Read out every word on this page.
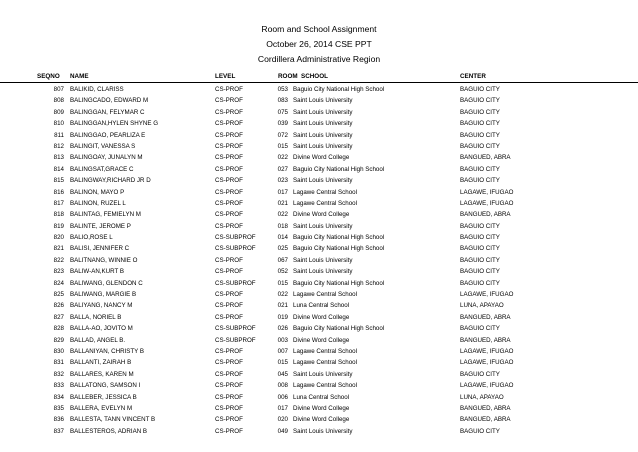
Room and School Assignment
October 26, 2014 CSE PPT
Cordillera Administrative Region
SEQNO NAME	LEVEL	ROOM SCHOOL	CENTER
807 BALIKID, CLARISS	CS-PROF	053 Baguio City National High School	BAGUIO CITY
808 BALINGCADO, EDWARD M	CS-PROF	083 Saint Louis University	BAGUIO CITY
809 BALINGGAN, FELYMAR C	CS-PROF	075 Saint Louis University	BAGUIO CITY
810 BALINGGAN,HYLEN SHYNE G	CS-PROF	039 Saint Louis University	BAGUIO CITY
811 BALINGGAO, PEARLIZA E	CS-PROF	072 Saint Louis University	BAGUIO CITY
812 BALINGIT, VANESSA S	CS-PROF	015 Saint Louis University	BAGUIO CITY
813 BALINGOAY, JUNALYN M	CS-PROF	022 Divine Word College	BANGUED, ABRA
814 BALINGSAT,GRACE C	CS-PROF	027 Baguio City National High School	BAGUIO CITY
815 BALINGWAY,RICHARD JR D	CS-PROF	023 Saint Louis University	BAGUIO CITY
816 BALINON, MAYO P	CS-PROF	017 Lagawe Central School	LAGAWE, IFUGAO
817 BALINON, RUZEL L	CS-PROF	021 Lagawe Central School	LAGAWE, IFUGAO
818 BALINTAG, FEMIELYN M	CS-PROF	022 Divine Word College	BANGUED, ABRA
819 BALINTE, JEROME P	CS-PROF	018 Saint Louis University	BAGUIO CITY
820 BALIO,ROSE L	CS-SUBPROF	014 Baguio City National High School	BAGUIO CITY
821 BALISI, JENNIFER C	CS-SUBPROF	025 Baguio City National High School	BAGUIO CITY
822 BALITNANG, WINNIE O	CS-PROF	067 Saint Louis University	BAGUIO CITY
823 BALIW-AN,KURT B	CS-PROF	052 Saint Louis University	BAGUIO CITY
824 BALIWANG, GLENDON C	CS-SUBPROF	015 Baguio City National High School	BAGUIO CITY
825 BALIWANG, MARGIE B	CS-PROF	022 Lagawe Central School	LAGAWE, IFUGAO
826 BALIYANG, NANCY M	CS-PROF	021 Luna Central School	LUNA, APAYAO
827 BALLA, NORIEL B	CS-PROF	019 Divine Word College	BANGUED, ABRA
828 BALLA-AO, JOVITO M	CS-SUBPROF	026 Baguio City National High School	BAGUIO CITY
829 BALLAD, ANGEL B.	CS-SUBPROF	003 Divine Word College	BANGUED, ABRA
830 BALLANIYAN, CHRISTY B	CS-PROF	007 Lagawe Central School	LAGAWE, IFUGAO
831 BALLANTI, ZAIRAH B	CS-PROF	015 Lagawe Central School	LAGAWE, IFUGAO
832 BALLARES, KAREN M	CS-PROF	045 Saint Louis University	BAGUIO CITY
833 BALLATONG, SAMSON I	CS-PROF	008 Lagawe Central School	LAGAWE, IFUGAO
834 BALLEBER, JESSICA B	CS-PROF	006 Luna Central School	LUNA, APAYAO
835 BALLERA, EVELYN M	CS-PROF	017 Divine Word College	BANGUED, ABRA
836 BALLESTA, TANN VINCENT B	CS-PROF	020 Divine Word College	BANGUED, ABRA
837 BALLESTEROS, ADRIAN B	CS-PROF	049 Saint Louis University	BAGUIO CITY
